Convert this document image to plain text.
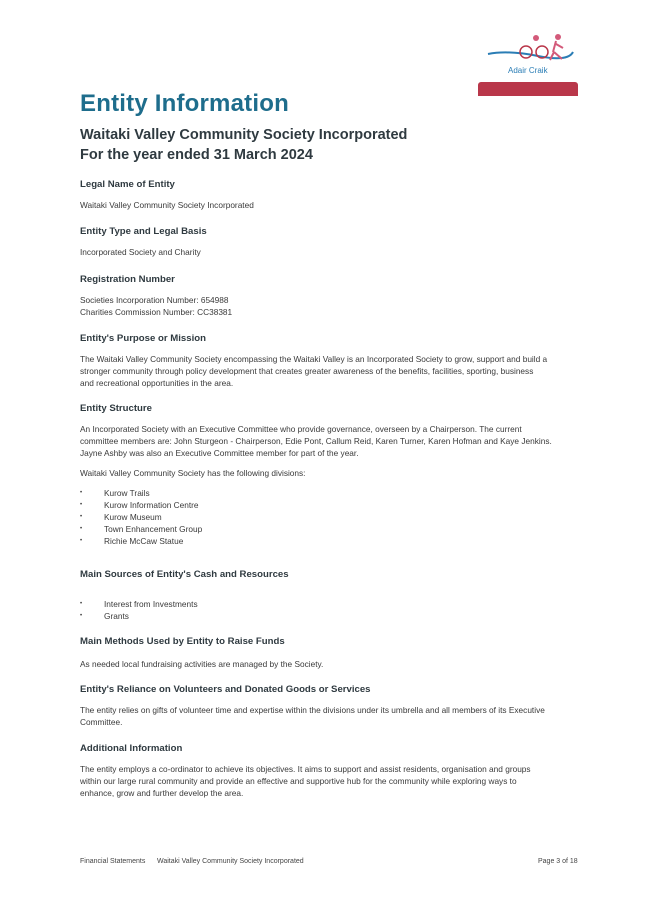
Adair Craik
Entity Information
Waitaki Valley Community Society Incorporated
For the year ended 31 March 2024
Legal Name of Entity
Waitaki Valley Community Society Incorporated
Entity Type and Legal Basis
Incorporated Society and Charity
Registration Number
Societies Incorporation Number: 654988
Charities Commission Number: CC38381
Entity's Purpose or Mission
The Waitaki Valley Community Society encompassing the Waitaki Valley is an Incorporated Society to grow, support and build a
stronger community through policy development that creates greater awareness of the benefits, facilities, sporting, business
and recreational opportunities in the area.
Entity Structure
An Incorporated Society with an Executive Committee who provide governance, overseen by a Chairperson. The current
committee members are: John Sturgeon - Chairperson, Edie Pont, Callum Reid, Karen Turner, Karen Hofman and Kaye Jenkins.
Jayne Ashby was also an Executive Committee member for part of the year.
Waitaki Valley Community Society has the following divisions:
• Kurow Trails
• Kurow Information Centre
• Kurow Museum
• Town Enhancement Group
• Richie McCaw Statue
Main Sources of Entity's Cash and Resources
• Interest from Investments
• Grants
Main Methods Used by Entity to Raise Funds
As needed local fundraising activities are managed by the Society.
Entity's Reliance on Volunteers and Donated Goods or Services
The entity relies on gifts of volunteer time and expertise within the divisions under its umbrella and all members of its Executive
Committee.
Additional Information
The entity employs a co-ordinator to achieve its objectives. It aims to support and assist residents, organisation and groups
within our large rural community and provide an effective and supportive hub for the community while exploring ways to
enhance, grow and further develop the area.
Financial Statements Waitaki Valley Community Society Incorporated	Page 3 of 18
